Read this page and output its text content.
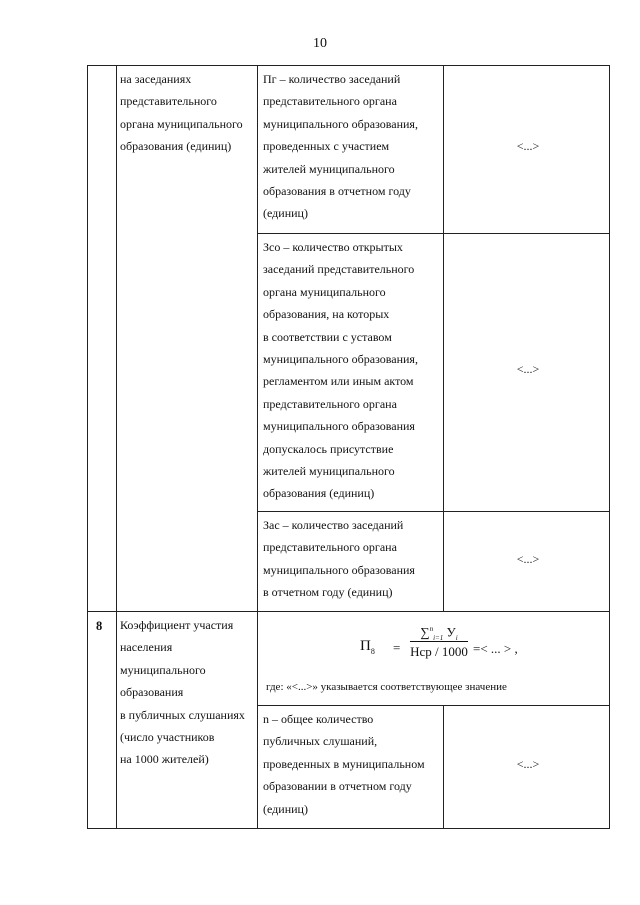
10

на заседаниях

представительного

органа муниципального

образования (единиц)

Пг – количество заседаний

представительного органа

муниципального образования,

проведенных с участием

жителей муниципального

образования в отчетном году

(единиц)

<...>

Зсо – количество открытых

заседаний представительного

органа муниципального

образования, на которых

в соответствии с уставом

муниципального образования,

регламентом или иным актом

представительного органа

муниципального образования

допускалось присутствие

жителей муниципального

образования (единиц)

<...>

Зас – количество заседаний

представительного органа

муниципального образования

в отчетном году (единиц)

<...>
8 Коэффициент участия

населения

муниципального

образования

в публичных слушаниях

(число участников

на 1000 жителей)

$П_8$ =
∑$^n_{i=1}$ $У_i$
Нср / 1000 =< ... > ,
где: «<...>» указывается соответствующее значение

n – общее количество

публичных слушаний,

проведенных в муниципальном

образовании в отчетном году

(единиц)

<...>
